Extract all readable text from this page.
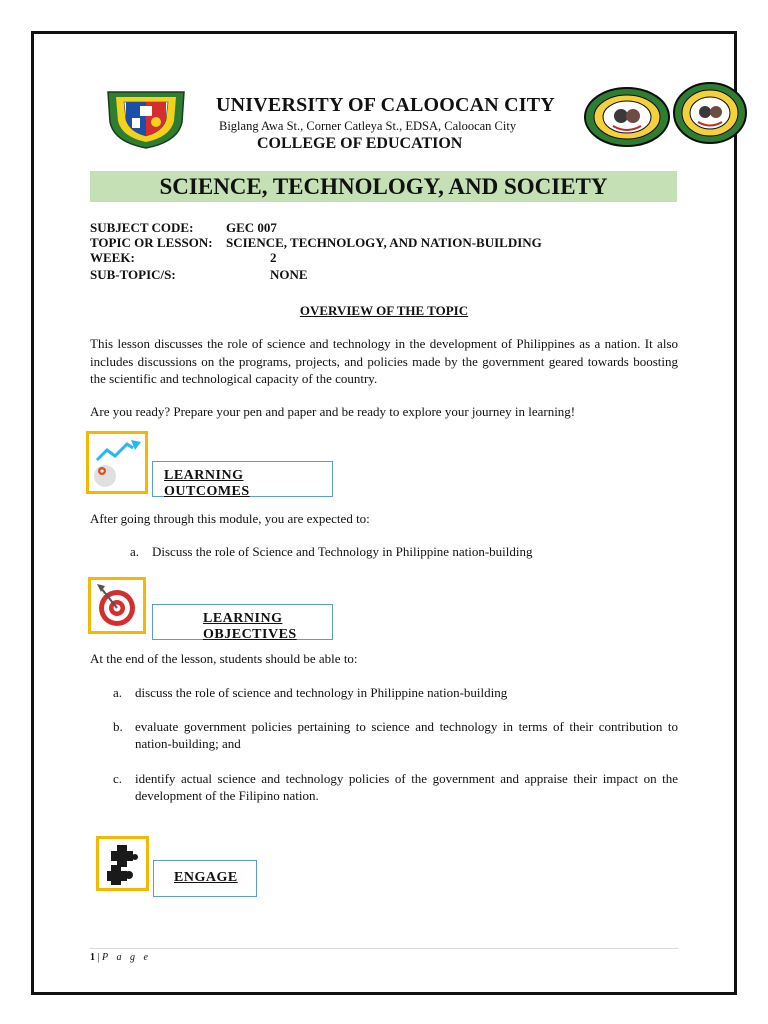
UNIVERSITY OF CALOOCAN CITY
Biglang Awa St., Corner Catleya St., EDSA, Caloocan City
COLLEGE OF EDUCATION
SCIENCE, TECHNOLOGY, AND SOCIETY
SUBJECT CODE:	GEC 007
TOPIC OR LESSON: SCIENCE, TECHNOLOGY, AND NATION-BUILDING
WEEK:	2
SUB-TOPIC/S:	NONE
OVERVIEW OF THE TOPIC
This lesson discusses the role of science and technology in the development of Philippines as a nation. It also includes discussions on the programs, projects, and policies made by the government geared towards boosting the scientific and technological capacity of the country.
Are you ready? Prepare your pen and paper and be ready to explore your journey in learning!
LEARNING OUTCOMES
After going through this module, you are expected to:
a. Discuss the role of Science and Technology in Philippine nation-building
LEARNING OBJECTIVES
At the end of the lesson, students should be able to:
a. discuss the role of science and technology in Philippine nation-building
b. evaluate government policies pertaining to science and technology in terms of their contribution to nation-building; and
c. identify actual science and technology policies of the government and appraise their impact on the development of the Filipino nation.
ENGAGE
1 | P a g e
